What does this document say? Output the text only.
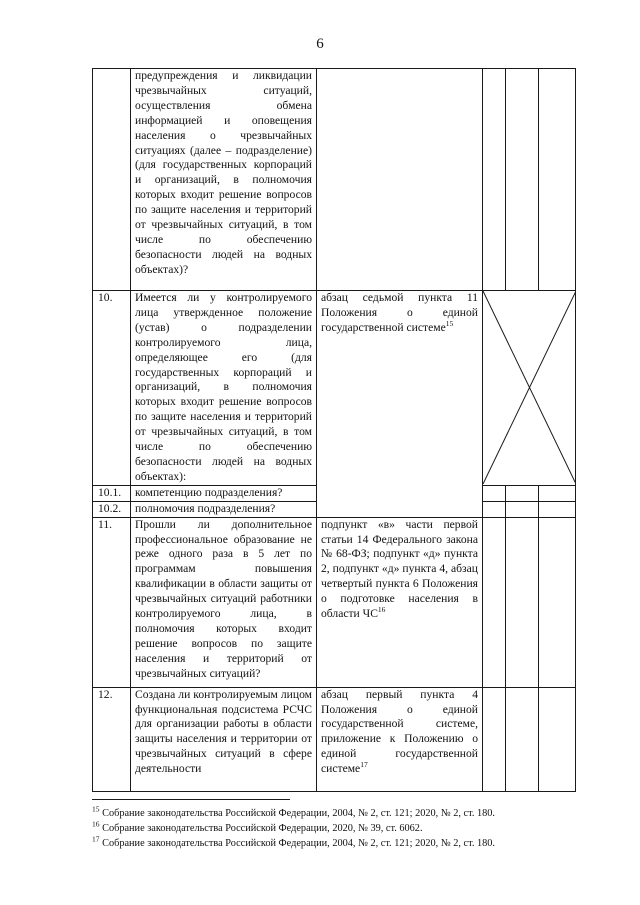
6
	предупреждения и ликвидации чрезвычайных ситуаций, осуществления обмена информацией и оповещения населения о чрезвычайных ситуациях (далее – подразделение) (для государственных корпораций и организаций, в полномочия которых входит решение вопросов по защите населения и территорий от чрезвычайных ситуаций, в том числе по обеспечению безопасности людей на водных объектах)?				
10.	Имеется ли у контролируемого лица утвержденное положение (устав) о подразделении контролируемого лица, определяющее его (для государственных корпораций и организаций, в полномочия которых входит решение вопросов по защите населения и территорий от чрезвычайных ситуаций, в том числе по обеспечению безопасности людей на водных объектах):	абзац седьмой пункта 11 Положения о единой государственной системе$^{15}$	

10.1.	компетенцию подразделения?				
10.2.	полномочия подразделения?				
11.	Прошли ли дополнительное профессиональное образование не реже одного раза в 5 лет по программам повышения квалификации в области защиты от чрезвычайных ситуаций работники контролируемого лица, в полномочия которых входит решение вопросов по защите населения и территорий от чрезвычайных ситуаций?	подпункт «в» части первой статьи 14 Федерального закона № 68-ФЗ; подпункт «д» пункта 2, подпункт «д» пункта 4, абзац четвертый пункта 6 Положения о подготовке населения в области ЧС$^{16}$			
12.	Создана ли контролируемым лицом функциональная подсистема РСЧС для организации работы в области защиты населения и территории от чрезвычайных ситуаций в сфере деятельности	абзац первый пункта 4 Положения о единой государственной системе, приложение к Положению о единой государственной системе$^{17}$			
$^{15}$ Собрание законодательства Российской Федерации, 2004, № 2, ст. 121; 2020, № 2, ст. 180.
$^{16}$ Собрание законодательства Российской Федерации, 2020, № 39, ст. 6062.
$^{17}$ Собрание законодательства Российской Федерации, 2004, № 2, ст. 121; 2020, № 2, ст. 180.
